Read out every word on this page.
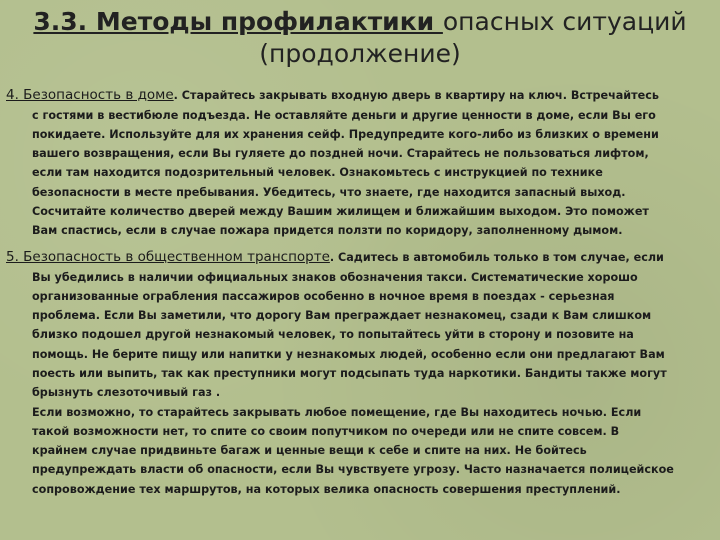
3.3. Методы профилактики опасных ситуаций
(продолжение)
4. Безопасность в доме. Старайтесь закрывать входную дверь в квартиру на ключ. Встречайтесь
с гостями в вестибюле подъезда. Не оставляйте деньги и другие ценности в доме, если Вы его
покидаете. Используйте для их хранения сейф. Предупредите кого-либо из близких о времени
вашего возвращения, если Вы гуляете до поздней ночи. Старайтесь не пользоваться лифтом,
если там находится подозрительный человек. Ознакомьтесь с инструкцией по технике
безопасности в месте пребывания. Убедитесь, что знаете, где находится запасный выход.
Сосчитайте количество дверей между Вашим жилищем и ближайшим выходом. Это поможет
Вам спастись, если в случае пожара придется ползти по коридору, заполненному дымом.
5. Безопасность в общественном транспорте. Садитесь в автомобиль только в том случае, если
Вы убедились в наличии официальных знаков обозначения такси. Систематические хорошо
организованные ограбления пассажиров особенно в ночное время в поездах - серьезная
проблема. Если Вы заметили, что дорогу Вам преграждает незнакомец, сзади к Вам слишком
близко подошел другой незнакомый человек, то попытайтесь уйти в сторону и позовите на
помощь. Не берите пищу или напитки у незнакомых людей, особенно если они предлагают Вам
поесть или выпить, так как преступники могут подсыпать туда наркотики. Бандиты также могут
брызнуть слезоточивый газ .
Если возможно, то старайтесь закрывать любое помещение, где Вы находитесь ночью. Если
такой возможности нет, то спите со своим попутчиком по очереди или не спите совсем. В
крайнем случае придвиньте багаж и ценные вещи к себе и спите на них. Не бойтесь
предупреждать власти об опасности, если Вы чувствуете угрозу. Часто назначается полицейское
сопровождение тех маршрутов, на которых велика опасность совершения преступлений.
